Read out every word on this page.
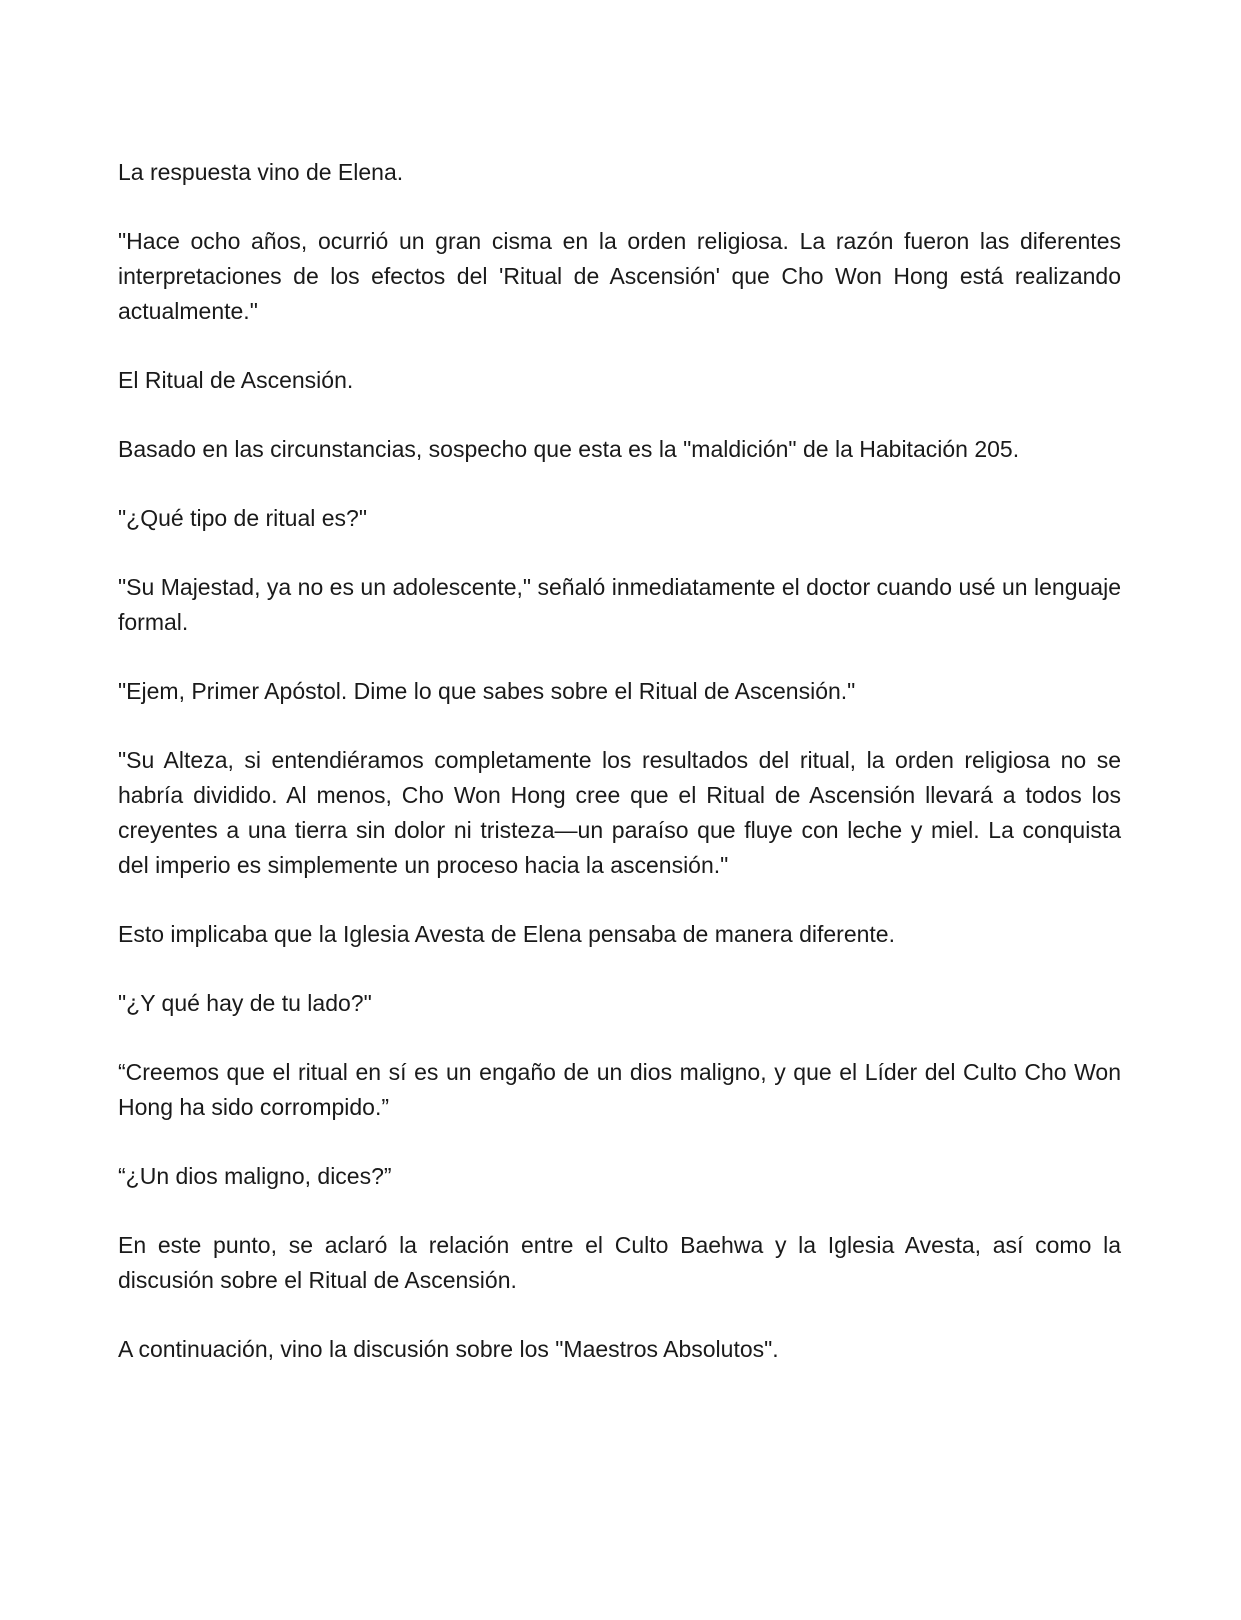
La respuesta vino de Elena.

"Hace ocho años, ocurrió un gran cisma en la orden religiosa. La razón fueron las diferentes interpretaciones de los efectos del 'Ritual de Ascensión' que Cho Won Hong está realizando actualmente."

El Ritual de Ascensión.

Basado en las circunstancias, sospecho que esta es la "maldición" de la Habitación 205.

"¿Qué tipo de ritual es?"

"Su Majestad, ya no es un adolescente," señaló inmediatamente el doctor cuando usé un lenguaje formal.

"Ejem, Primer Apóstol. Dime lo que sabes sobre el Ritual de Ascensión."

"Su Alteza, si entendiéramos completamente los resultados del ritual, la orden religiosa no se habría dividido. Al menos, Cho Won Hong cree que el Ritual de Ascensión llevará a todos los creyentes a una tierra sin dolor ni tristeza—un paraíso que fluye con leche y miel. La conquista del imperio es simplemente un proceso hacia la ascensión."

Esto implicaba que la Iglesia Avesta de Elena pensaba de manera diferente.

"¿Y qué hay de tu lado?"

“Creemos que el ritual en sí es un engaño de un dios maligno, y que el Líder del Culto Cho Won Hong ha sido corrompido.”

“¿Un dios maligno, dices?”

En este punto, se aclaró la relación entre el Culto Baehwa y la Iglesia Avesta, así como la discusión sobre el Ritual de Ascensión.

A continuación, vino la discusión sobre los "Maestros Absolutos".
